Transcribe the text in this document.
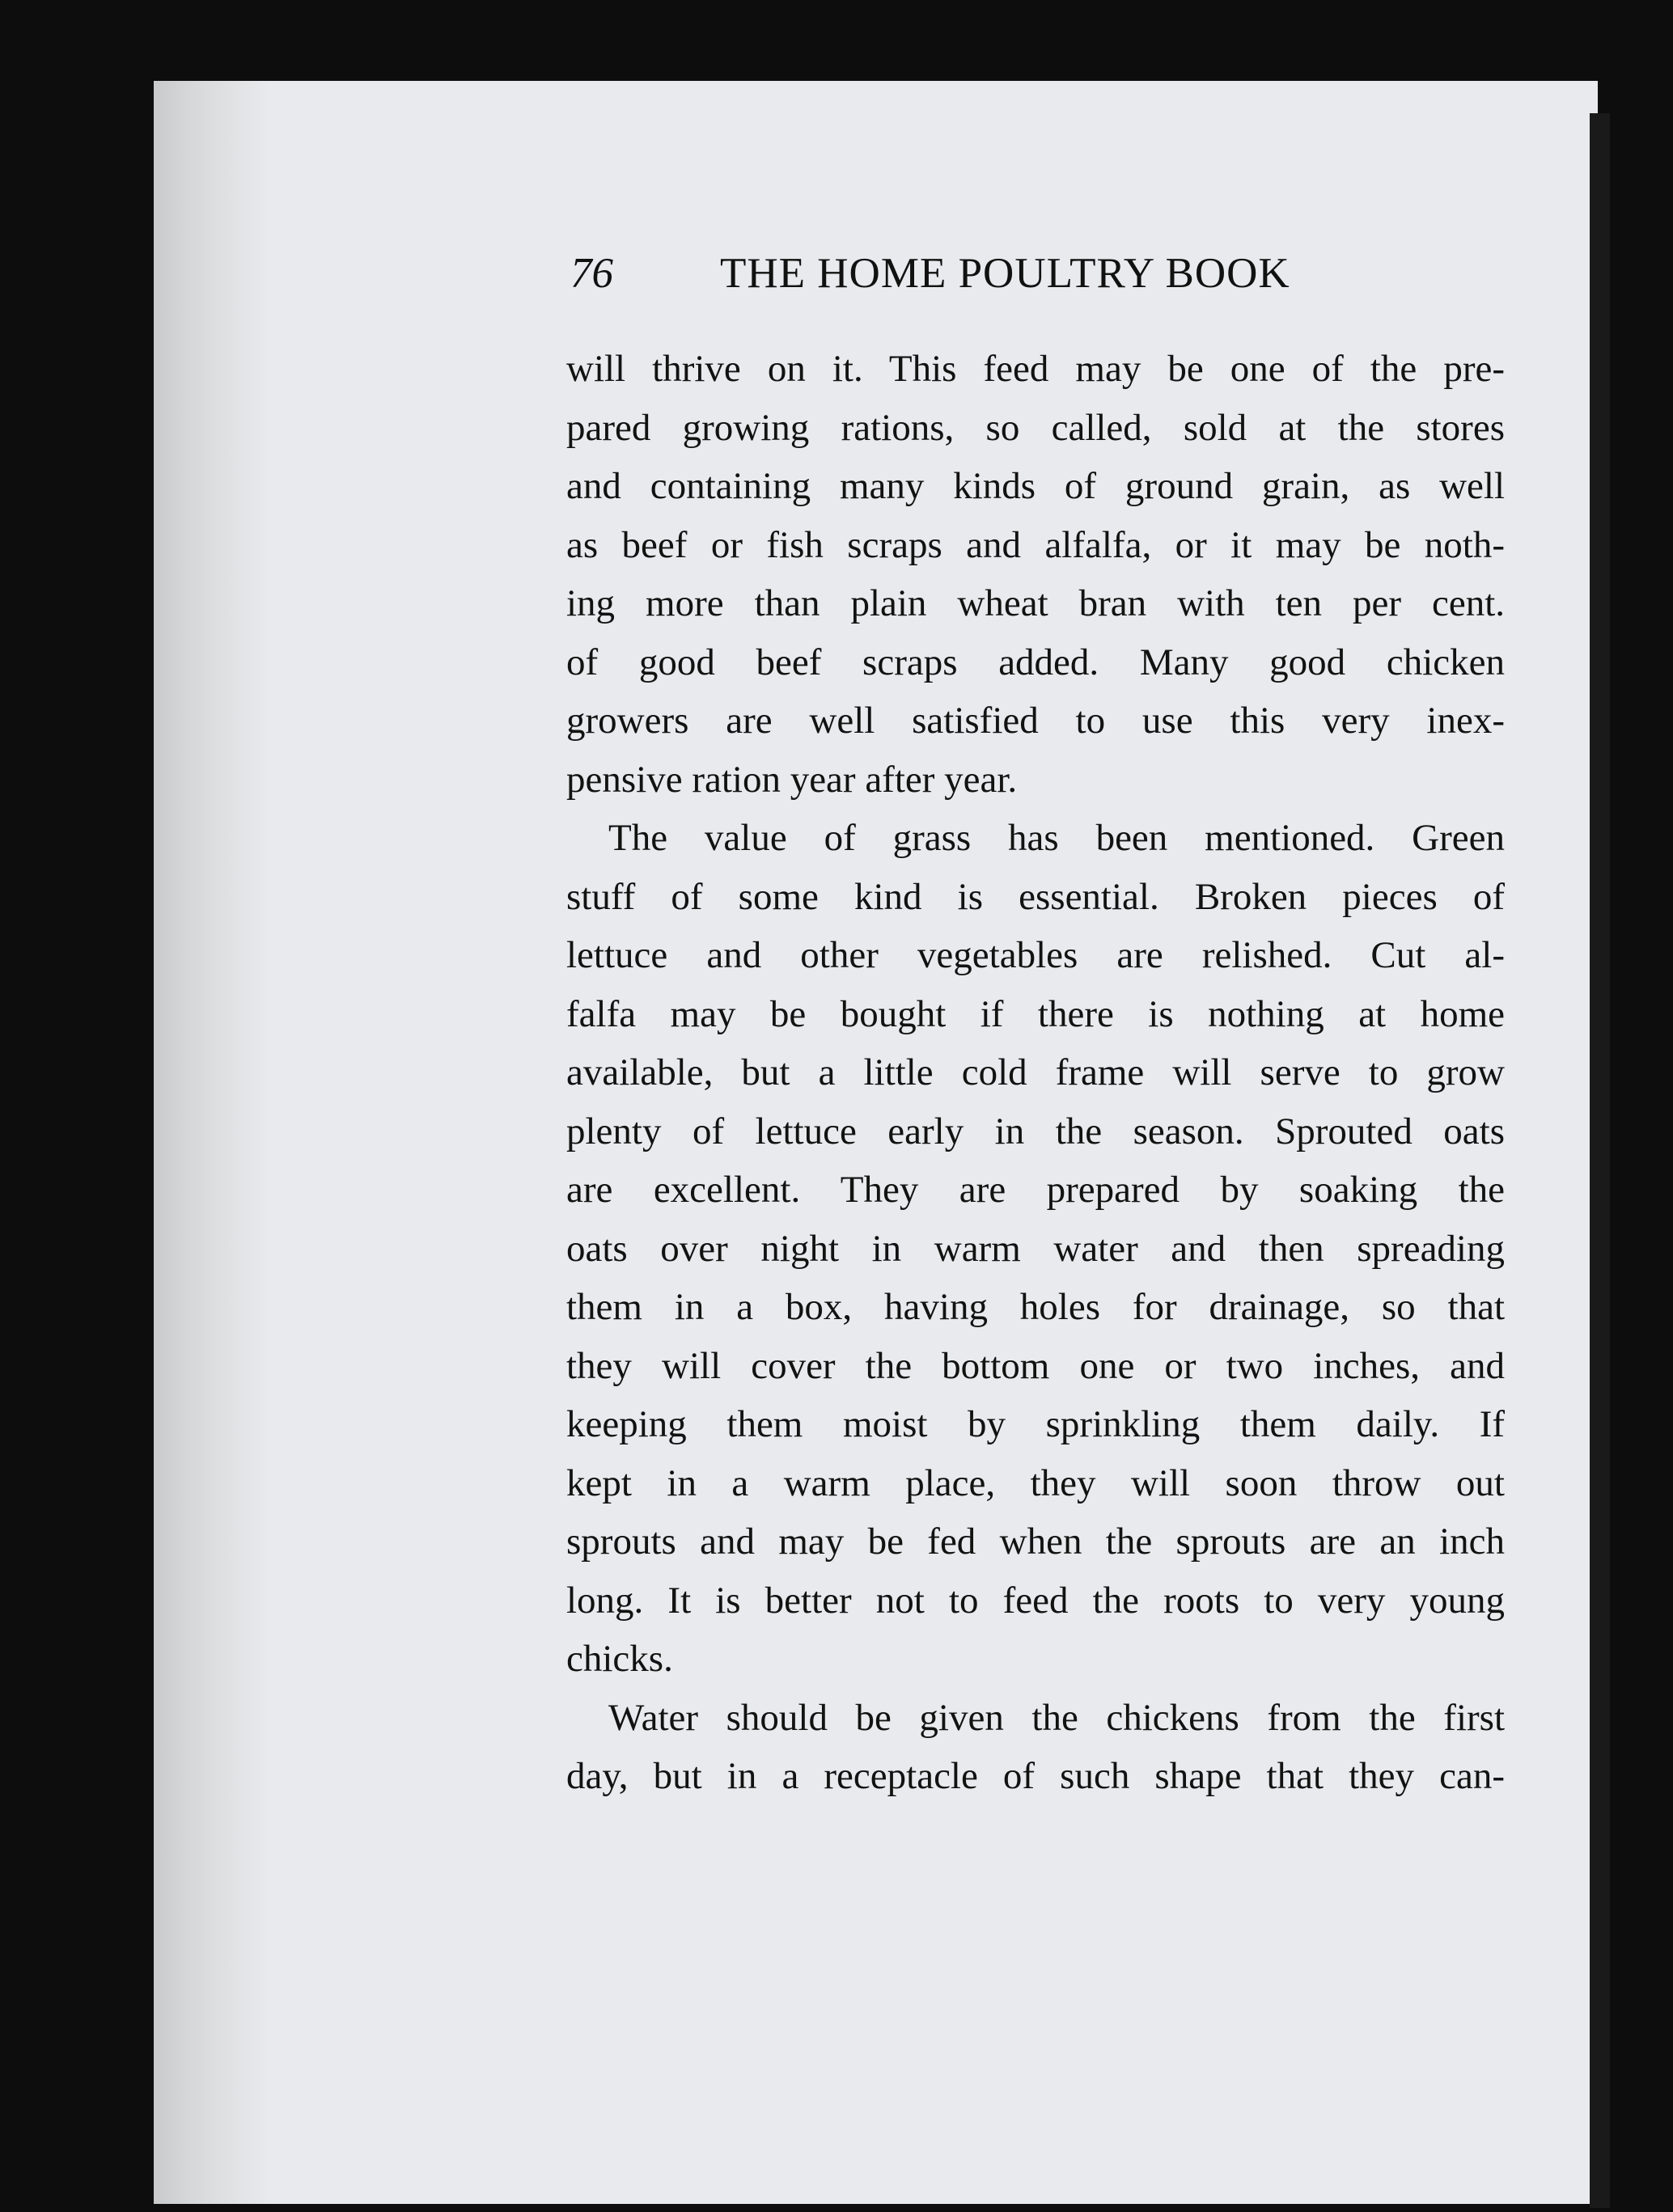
76 THE HOME POULTRY BOOK
will thrive on it. This feed may be one of the pre-
pared growing rations, so called, sold at the stores
and containing many kinds of ground grain, as well
as beef or fish scraps and alfalfa, or it may be noth-
ing more than plain wheat bran with ten per cent.
of good beef scraps added. Many good chicken
growers are well satisfied to use this very inex-
pensive ration year after year.
The value of grass has been mentioned. Green
stuff of some kind is essential. Broken pieces of
lettuce and other vegetables are relished. Cut al-
falfa may be bought if there is nothing at home
available, but a little cold frame will serve to grow
plenty of lettuce early in the season. Sprouted oats
are excellent. They are prepared by soaking the
oats over night in warm water and then spreading
them in a box, having holes for drainage, so that
they will cover the bottom one or two inches, and
keeping them moist by sprinkling them daily. If
kept in a warm place, they will soon throw out
sprouts and may be fed when the sprouts are an inch
long. It is better not to feed the roots to very young
chicks.
Water should be given the chickens from the first
day, but in a receptacle of such shape that they can-
